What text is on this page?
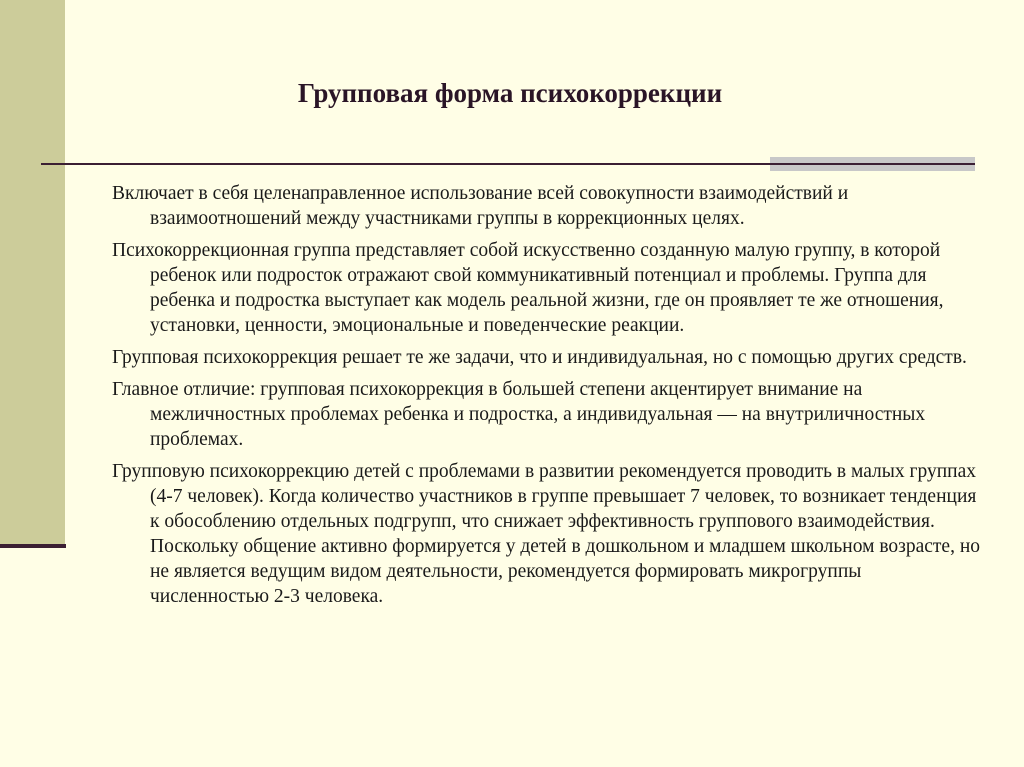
Групповая форма психокоррекции

Включает в себя целенаправленное использование всей совокупности взаимодействий и взаимоотношений между участниками группы в коррекционных целях.

Психокоррекционная группа представляет собой искусственно созданную малую группу, в которой ребенок или подросток отражают свой коммуникативный потенциал и проблемы. Группа для ребенка и подростка выступает как модель реальной жизни, где он проявляет те же отношения, установки, ценности, эмоциональные и поведенческие реакции.

Групповая психокоррекция решает те же задачи, что и индивидуальная, но с помощью других средств.

Главное отличие: групповая психокоррекция в большей степени акцентирует внимание на межличностных проблемах ребенка и подростка, а индивидуальная — на внутриличностных проблемах.

Групповую психокоррекцию детей с проблемами в развитии рекомендуется проводить в малых группах (4-7 человек). Когда количество участников в группе превышает 7 человек, то возникает тенденция к обособлению отдельных подгрупп, что снижает эффективность группового взаимодействия. Поскольку общение активно формируется у детей в дошкольном и младшем школьном возрасте, но не является ведущим видом деятельности, рекомендуется формировать микрогруппы численностью 2-3 человека.
